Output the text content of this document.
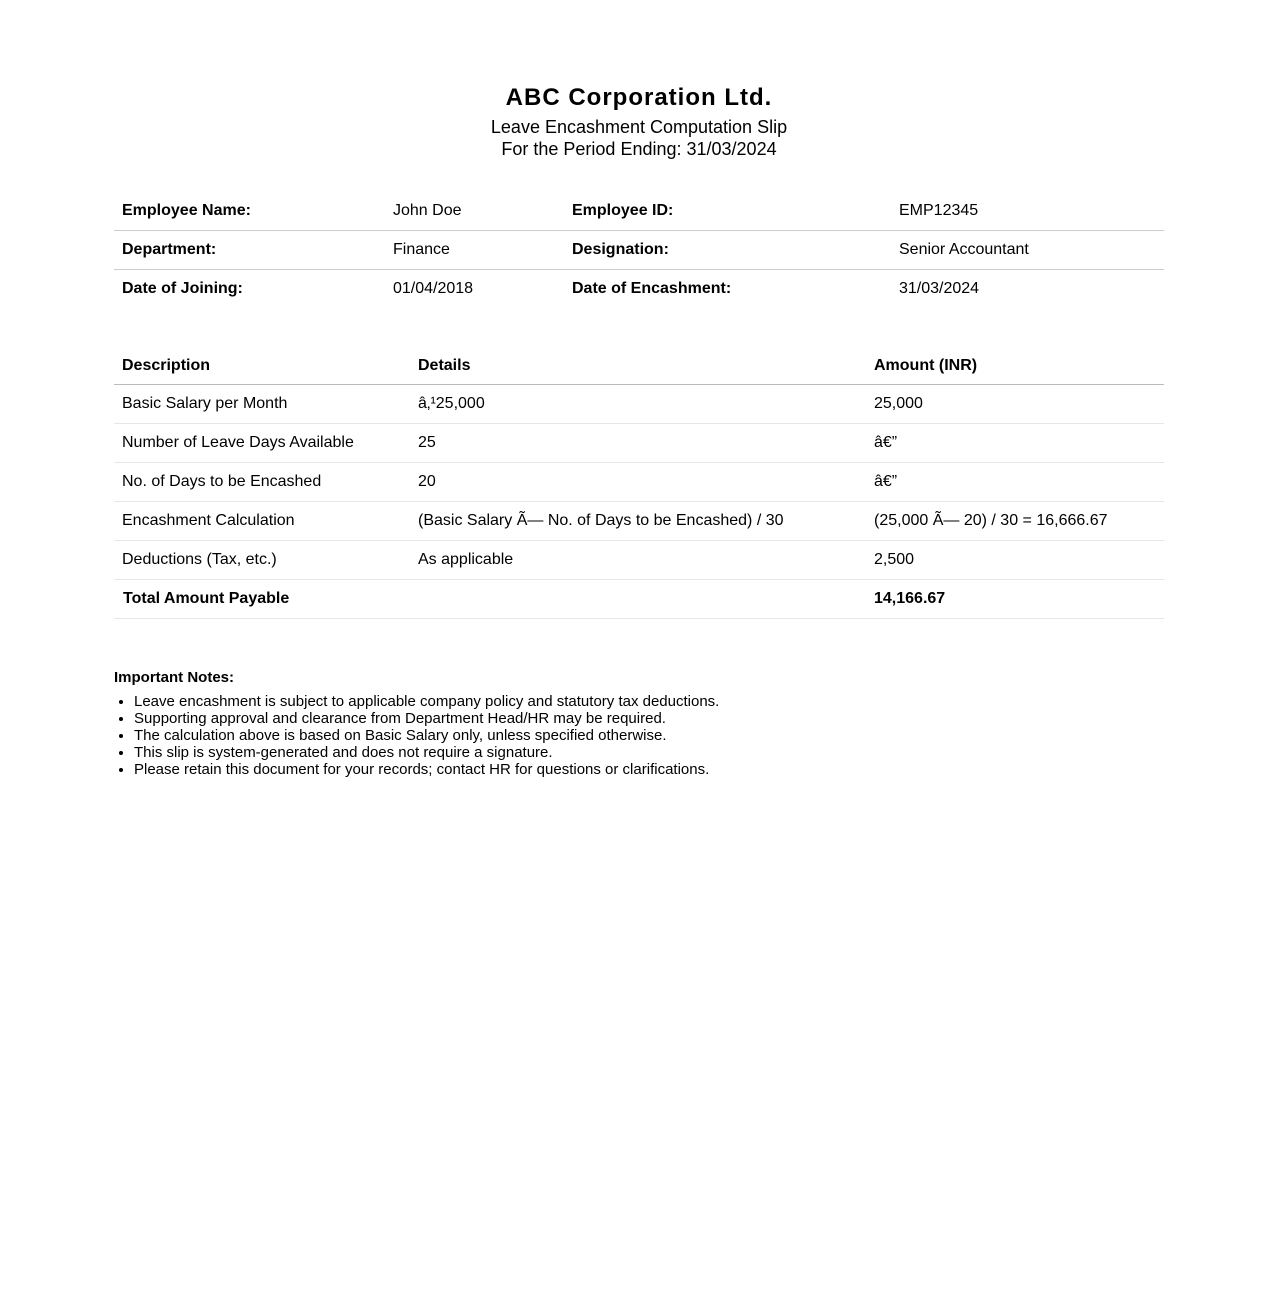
ABC Corporation Ltd.

Leave Encashment Computation Slip

For the Period Ending: 31/03/2024

Employee Name:	John Doe	Employee ID:	EMP12345
Department:	Finance	Designation:	Senior Accountant
Date of Joining:	01/04/2018	Date of Encashment:	31/03/2024
Description	Details	Amount (INR)
Basic Salary per Month	â‚¹25,000	25,000
Number of Leave Days Available	25	â€”
No. of Days to be Encashed	20	â€”
Encashment Calculation	(Basic Salary Ã— No. of Days to be Encashed) / 30	(25,000 Ã— 20) / 30 = 16,666.67
Deductions (Tax, etc.)	As applicable	2,500
Total Amount Payable		14,166.67

Important Notes:

• Leave encashment is subject to applicable company policy and statutory tax deductions.
• Supporting approval and clearance from Department Head/HR may be required.
• The calculation above is based on Basic Salary only, unless specified otherwise.
• This slip is system-generated and does not require a signature.
• Please retain this document for your records; contact HR for questions or clarifications.
